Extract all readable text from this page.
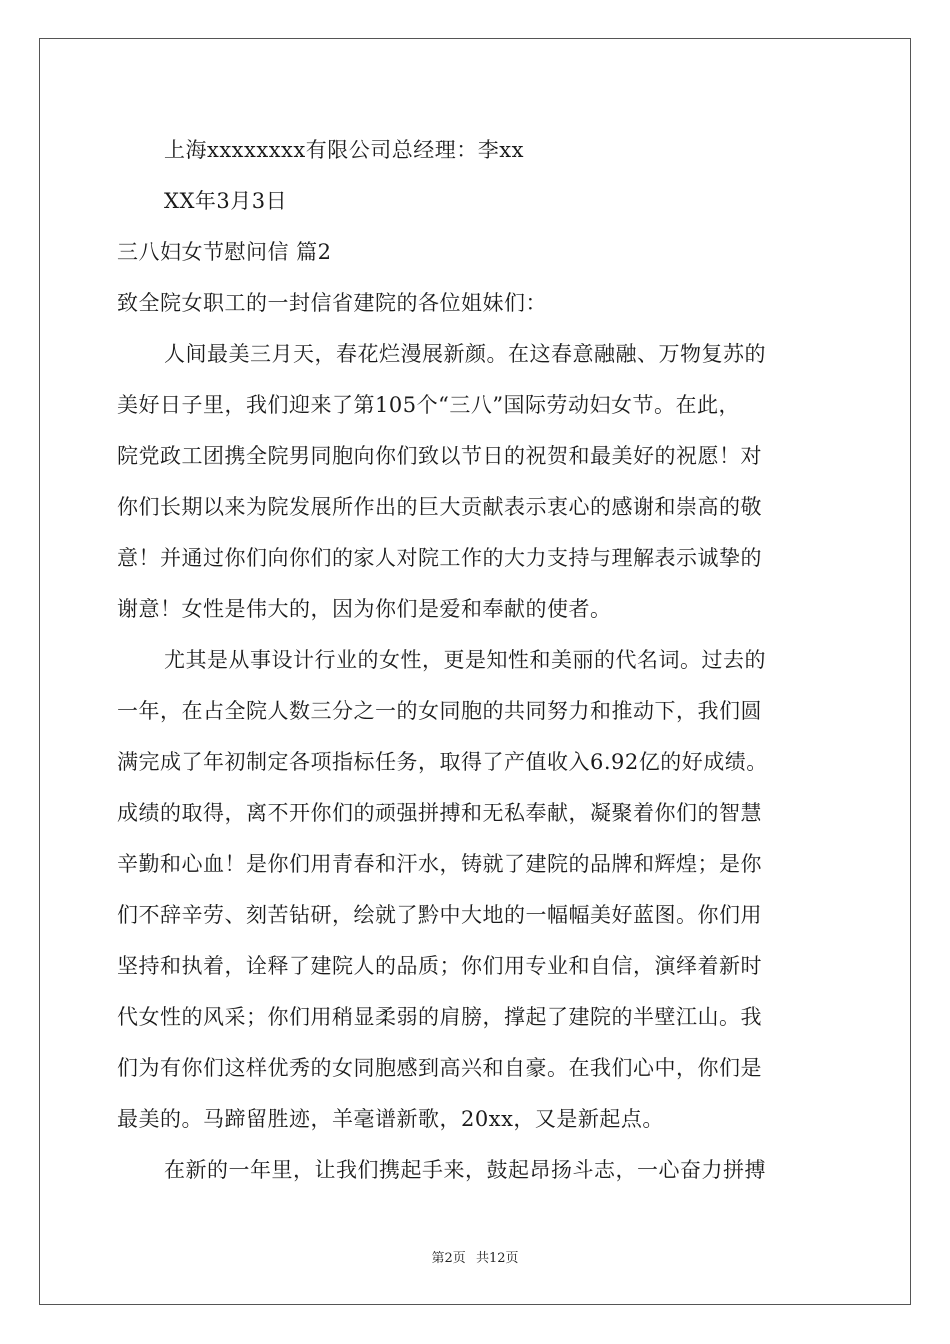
上海xxxxxxxx有限公司总经理：李xx
XX年3月3日
三八妇女节慰问信 篇2
致全院女职工的一封信省建院的各位姐妹们：
人间最美三月天，春花烂漫展新颜。在这春意融融、万物复苏的
美好日子里，我们迎来了第105个“三八”国际劳动妇女节。在此，
院党政工团携全院男同胞向你们致以节日的祝贺和最美好的祝愿！对
你们长期以来为院发展所作出的巨大贡献表示衷心的感谢和崇高的敬
意！并通过你们向你们的家人对院工作的大力支持与理解表示诚挚的
谢意！女性是伟大的，因为你们是爱和奉献的使者。
尤其是从事设计行业的女性，更是知性和美丽的代名词。过去的
一年，在占全院人数三分之一的女同胞的共同努力和推动下，我们圆
满完成了年初制定各项指标任务，取得了产值收入6.92亿的好成绩。
成绩的取得，离不开你们的顽强拼搏和无私奉献，凝聚着你们的智慧
辛勤和心血！是你们用青春和汗水，铸就了建院的品牌和辉煌；是你
们不辞辛劳、刻苦钻研，绘就了黔中大地的一幅幅美好蓝图。你们用
坚持和执着，诠释了建院人的品质；你们用专业和自信，演绎着新时
代女性的风采；你们用稍显柔弱的肩膀，撑起了建院的半壁江山。我
们为有你们这样优秀的女同胞感到高兴和自豪。在我们心中，你们是
最美的。马蹄留胜迹，羊毫谱新歌，20xx，又是新起点。
在新的一年里，让我们携起手来，鼓起昂扬斗志，一心奋力拼搏
第2页 共12页
